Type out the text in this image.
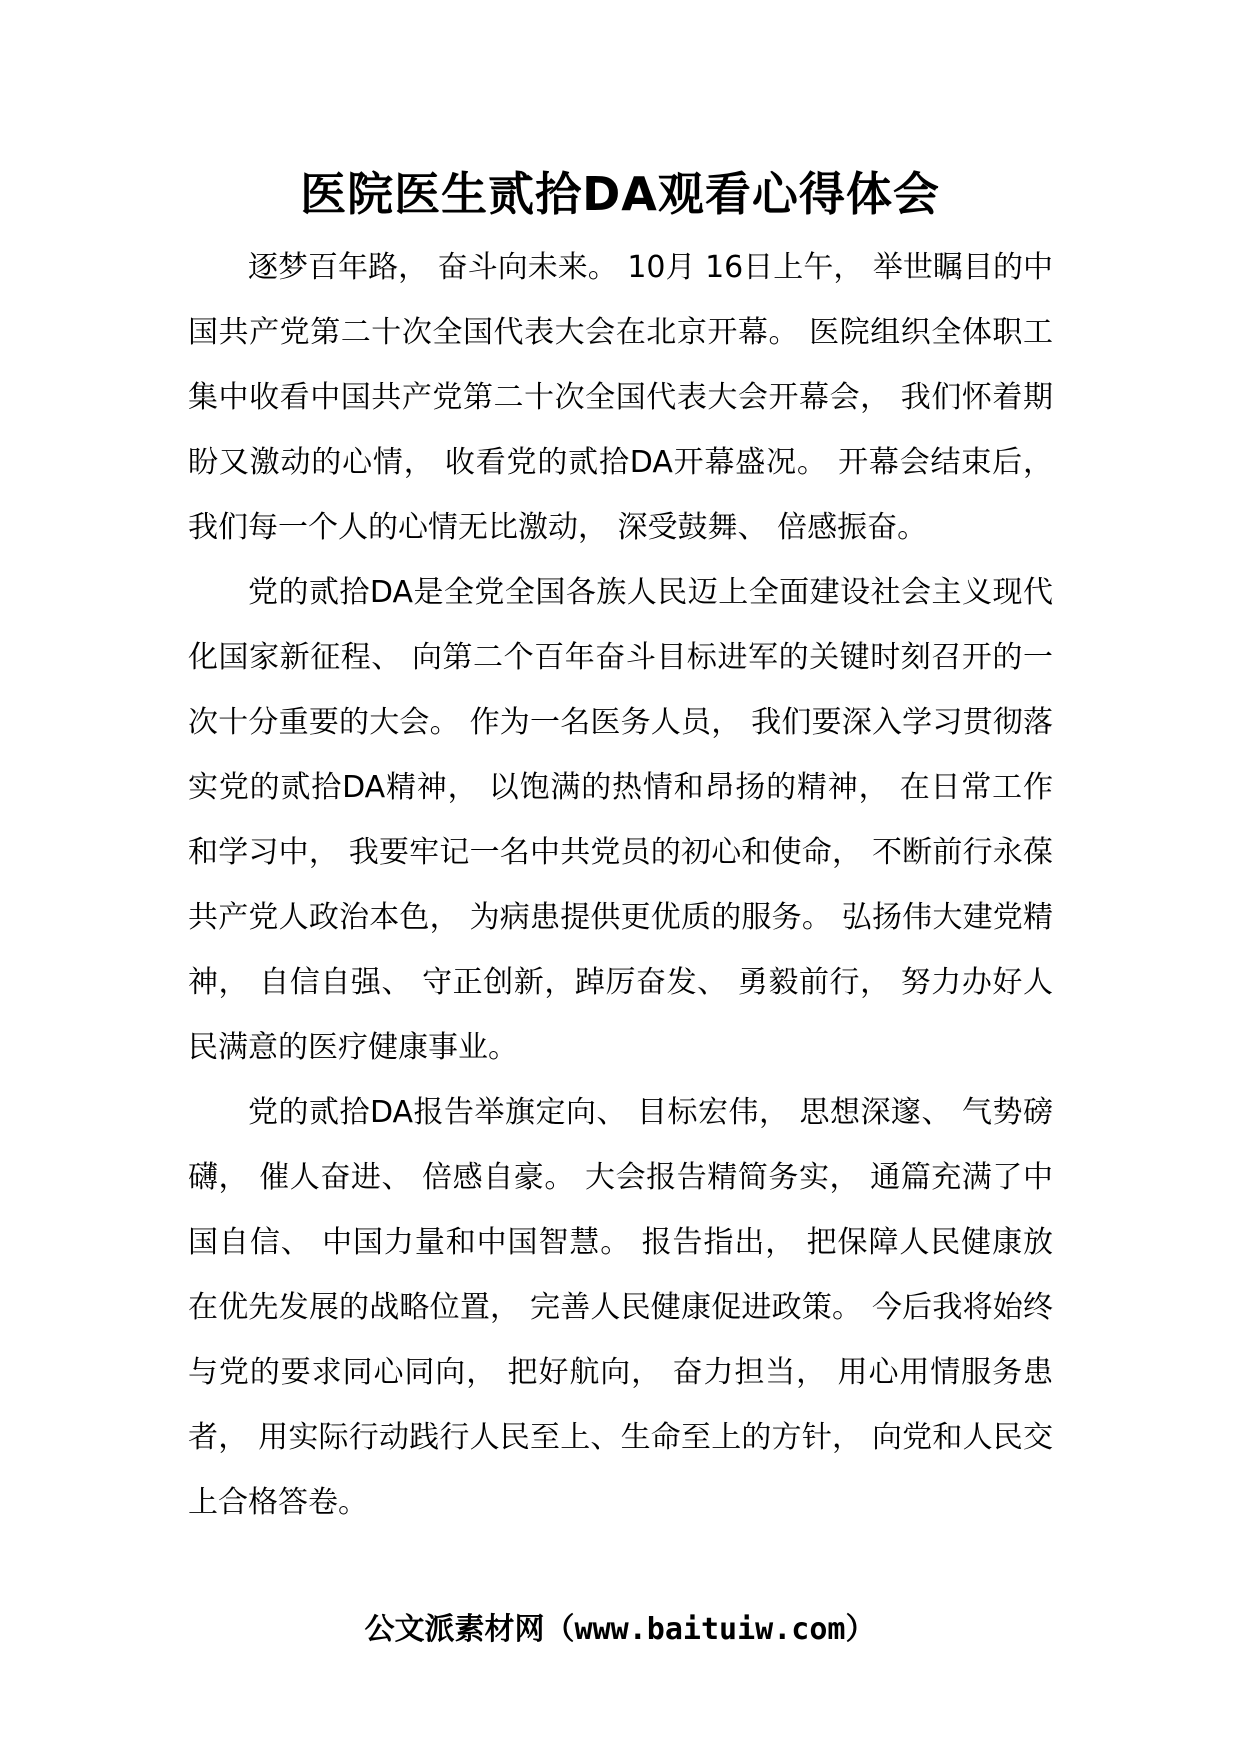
医院医生贰拾DA观看心得体会

逐梦百年路， 奋斗向未来。 10月 16日上午， 举世瞩目的中国共产党第二十次全国代表大会在北京开幕。 医院组织全体职工集中收看中国共产党第二十次全国代表大会开幕会， 我们怀着期盼又激动的心情， 收看党的贰拾DA开幕盛况。 开幕会结束后， 我们每一个人的心情无比激动， 深受鼓舞、 倍感振奋。

党的贰拾DA是全党全国各族人民迈上全面建设社会主义现代化国家新征程、 向第二个百年奋斗目标进军的关键时刻召开的一次十分重要的大会。 作为一名医务人员， 我们要深入学习贯彻落实党的贰拾DA精神， 以饱满的热情和昂扬的精神， 在日常工作和学习中， 我要牢记一名中共党员的初心和使命， 不断前行永葆共产党人政治本色， 为病患提供更优质的服务。 弘扬伟大建党精神， 自信自强、 守正创新，踔厉奋发、 勇毅前行， 努力办好人民满意的医疗健康事业。

党的贰拾DA报告举旗定向、 目标宏伟， 思想深邃、 气势磅礴， 催人奋进、 倍感自豪。 大会报告精简务实， 通篇充满了中国自信、 中国力量和中国智慧。 报告指出， 把保障人民健康放在优先发展的战略位置， 完善人民健康促进政策。 今后我将始终与党的要求同心同向， 把好航向， 奋力担当， 用心用情服务患者， 用实际行动践行人民至上、生命至上的方针， 向党和人民交上合格答卷。

公文派素材网（www.baituiw.com）
